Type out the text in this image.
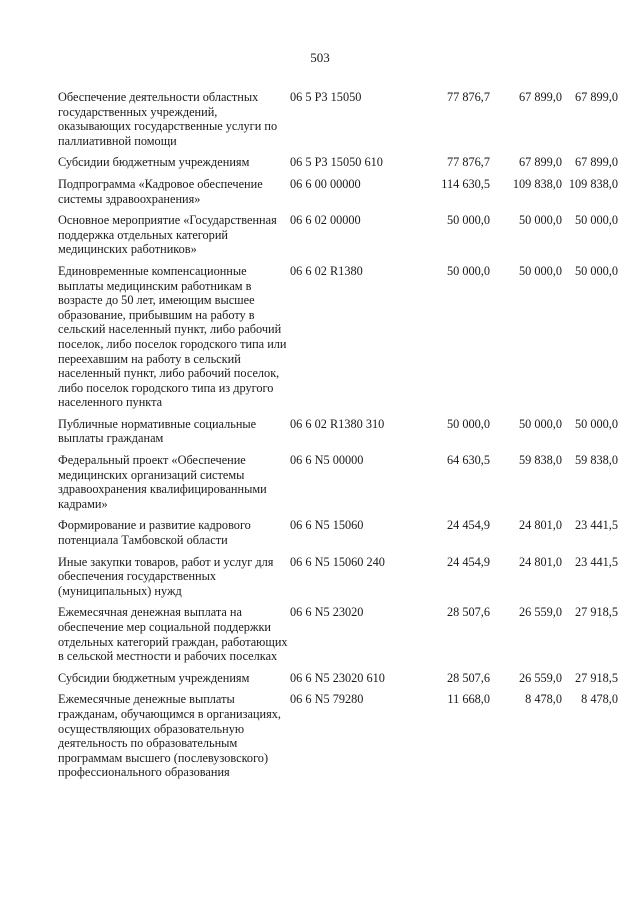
503
Обеспечение деятельности областных государственных учреждений, оказывающих государственные услуги по паллиативной помощи	06 5 P3 15050	77 876,7	67 899,0	67 899,0
Субсидии бюджетным учреждениям	06 5 P3 15050 610	77 876,7	67 899,0	67 899,0
Подпрограмма «Кадровое обеспечение системы здравоохранения»	06 6 00 00000	114 630,5	109 838,0	109 838,0
Основное мероприятие «Государственная поддержка отдельных категорий медицинских работников»	06 6 02 00000	50 000,0	50 000,0	50 000,0
Единовременные компенсационные выплаты медицинским работникам в возрасте до 50 лет, имеющим высшее образование, прибывшим на работу в сельский населенный пункт, либо рабочий поселок, либо поселок городского типа или переехавшим на работу в сельский населенный пункт, либо рабочий поселок, либо поселок городского типа из другого населенного пункта	06 6 02 R1380	50 000,0	50 000,0	50 000,0
Публичные нормативные социальные выплаты гражданам	06 6 02 R1380 310	50 000,0	50 000,0	50 000,0
Федеральный проект «Обеспечение медицинских организаций системы здравоохранения квалифицированными кадрами»	06 6 N5 00000	64 630,5	59 838,0	59 838,0
Формирование и развитие кадрового потенциала Тамбовской области	06 6 N5 15060	24 454,9	24 801,0	23 441,5
Иные закупки товаров, работ и услуг для обеспечения государственных (муниципальных) нужд	06 6 N5 15060 240	24 454,9	24 801,0	23 441,5
Ежемесячная денежная выплата на обеспечение мер социальной поддержки отдельных категорий граждан, работающих в сельской местности и рабочих поселках	06 6 N5 23020	28 507,6	26 559,0	27 918,5
Субсидии бюджетным учреждениям	06 6 N5 23020 610	28 507,6	26 559,0	27 918,5
Ежемесячные денежные выплаты гражданам, обучающимся в организациях, осуществляющих образовательную деятельность по образовательным программам высшего (послевузовского) профессионального образования	06 6 N5 79280	11 668,0	8 478,0	8 478,0
